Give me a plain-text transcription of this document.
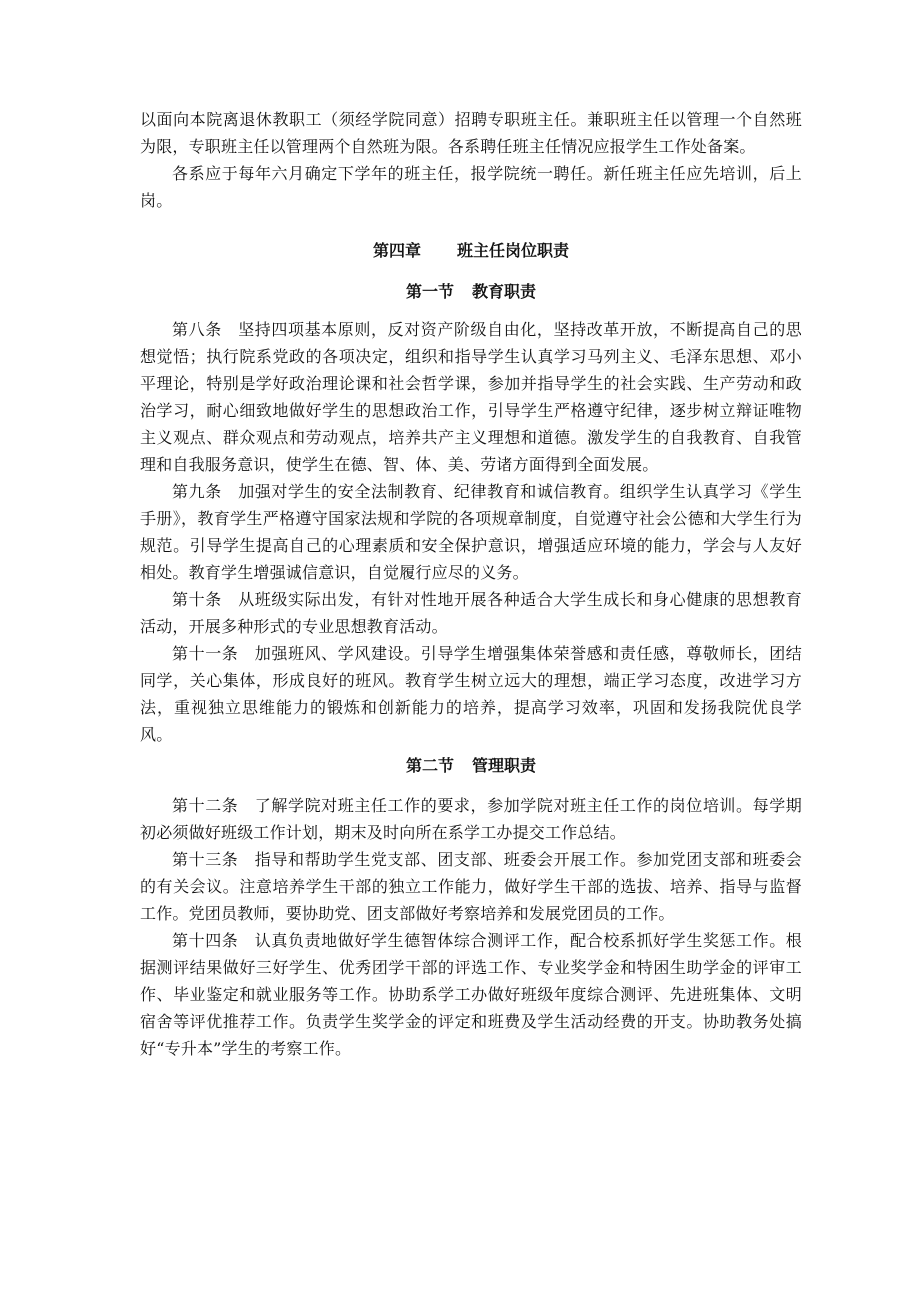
以面向本院离退休教职工（须经学院同意）招聘专职班主任。兼职班主任以管理一个自然班为限，专职班主任以管理两个自然班为限。各系聘任班主任情况应报学生工作处备案。

各系应于每年六月确定下学年的班主任，报学院统一聘任。新任班主任应先培训，后上岗。

第四章 班主任岗位职责
第一节 教育职责

第八条 坚持四项基本原则，反对资产阶级自由化，坚持改革开放，不断提高自己的思想觉悟；执行院系党政的各项决定，组织和指导学生认真学习马列主义、毛泽东思想、邓小平理论，特别是学好政治理论课和社会哲学课，参加并指导学生的社会实践、生产劳动和政治学习，耐心细致地做好学生的思想政治工作，引导学生严格遵守纪律，逐步树立辩证唯物主义观点、群众观点和劳动观点，培养共产主义理想和道德。激发学生的自我教育、自我管理和自我服务意识，使学生在德、智、体、美、劳诸方面得到全面发展。

第九条 加强对学生的安全法制教育、纪律教育和诚信教育。组织学生认真学习《学生手册》，教育学生严格遵守国家法规和学院的各项规章制度，自觉遵守社会公德和大学生行为规范。引导学生提高自己的心理素质和安全保护意识，增强适应环境的能力，学会与人友好相处。教育学生增强诚信意识，自觉履行应尽的义务。

第十条 从班级实际出发，有针对性地开展各种适合大学生成长和身心健康的思想教育活动，开展多种形式的专业思想教育活动。

第十一条 加强班风、学风建设。引导学生增强集体荣誉感和责任感，尊敬师长，团结同学，关心集体，形成良好的班风。教育学生树立远大的理想，端正学习态度，改进学习方法，重视独立思维能力的锻炼和创新能力的培养，提高学习效率，巩固和发扬我院优良学风。

第二节 管理职责

第十二条 了解学院对班主任工作的要求，参加学院对班主任工作的岗位培训。每学期初必须做好班级工作计划，期末及时向所在系学工办提交工作总结。

第十三条 指导和帮助学生党支部、团支部、班委会开展工作。参加党团支部和班委会的有关会议。注意培养学生干部的独立工作能力，做好学生干部的选拔、培养、指导与监督工作。党团员教师，要协助党、团支部做好考察培养和发展党团员的工作。

第十四条 认真负责地做好学生德智体综合测评工作，配合校系抓好学生奖惩工作。根据测评结果做好三好学生、优秀团学干部的评选工作、专业奖学金和特困生助学金的评审工作、毕业鉴定和就业服务等工作。协助系学工办做好班级年度综合测评、先进班集体、文明宿舍等评优推荐工作。负责学生奖学金的评定和班费及学生活动经费的开支。协助教务处搞好“专升本”学生的考察工作。
